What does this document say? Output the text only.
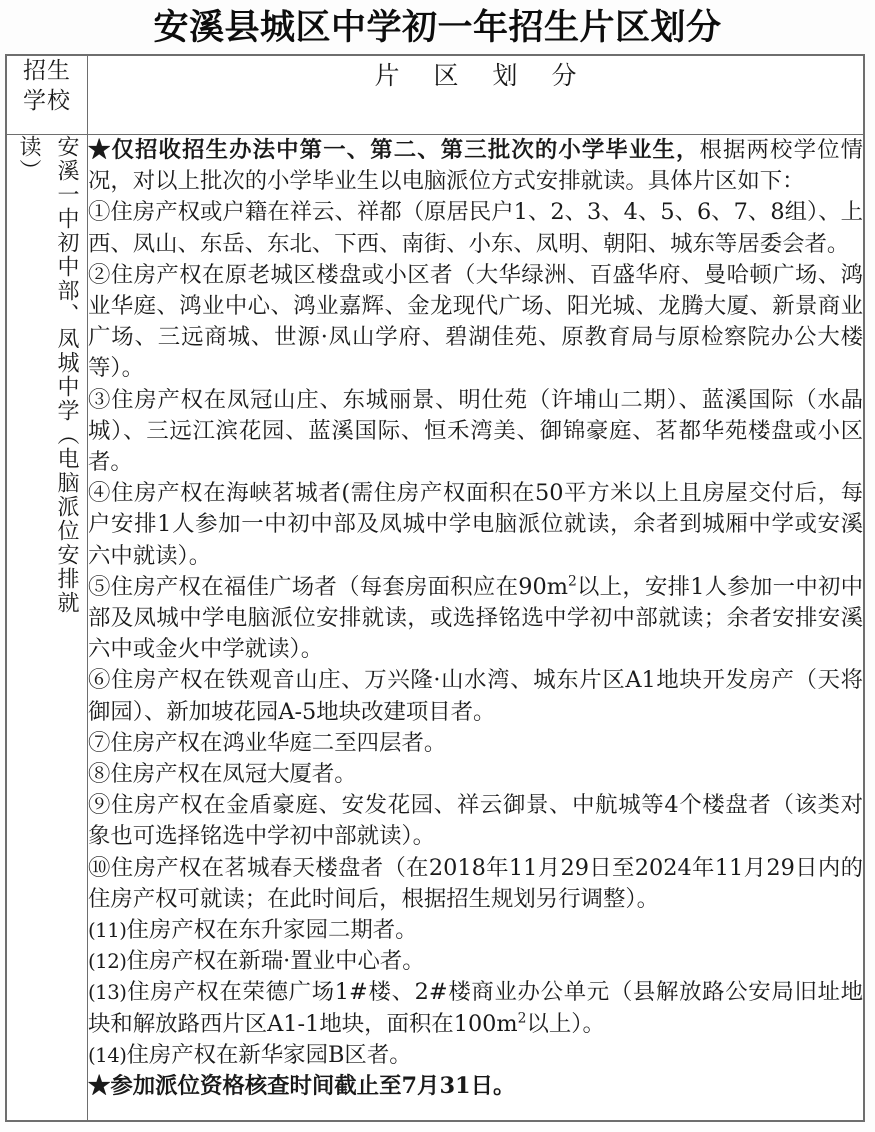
安溪县城区中学初一年招生片区划分
招生
学校	片区划分
安溪一中初中部、凤城中学（电脑派位安排就读）	★仅招收招生办法中第一、第二、第三批次的小学毕业生，根据两校学位情况，对以上批次的小学毕业生以电脑派位方式安排就读。具体片区如下：

①住房产权或户籍在祥云、祥都（原居民户1、2、3、4、5、6、7、8组）、上西、凤山、东岳、东北、下西、南街、小东、凤明、朝阳、城东等居委会者。

②住房产权在原老城区楼盘或小区者（大华绿洲、百盛华府、曼哈顿广场、鸿业华庭、鸿业中心、鸿业嘉辉、金龙现代广场、阳光城、龙腾大厦、新景商业广场、三远商城、世源·凤山学府、碧湖佳苑、原教育局与原检察院办公大楼等）。

③住房产权在凤冠山庄、东城丽景、明仕苑（许埔山二期）、蓝溪国际（水晶城）、三远江滨花园、蓝溪国际、恒禾湾美、御锦豪庭、茗都华苑楼盘或小区者。

④住房产权在海峡茗城者(需住房产权面积在50平方米以上且房屋交付后，每户安排1人参加一中初中部及凤城中学电脑派位就读，余者到城厢中学或安溪六中就读）。

⑤住房产权在福佳广场者（每套房面积应在$90m^2$以上，安排1人参加一中初中部及凤城中学电脑派位安排就读，或选择铭选中学初中部就读；余者安排安溪六中或金火中学就读）。

⑥住房产权在铁观音山庄、万兴隆·山水湾、城东片区A1地块开发房产（天将御园）、新加坡花园A-5地块改建项目者。

⑦住房产权在鸿业华庭二至四层者。

⑧住房产权在凤冠大厦者。

⑨住房产权在金盾豪庭、安发花园、祥云御景、中航城等4个楼盘者（该类对象也可选择铭选中学初中部就读）。

⑩住房产权在茗城春天楼盘者（在2018年11月29日至2024年11月29日内的住房产权可就读；在此时间后，根据招生规划另行调整）。

(11)住房产权在东升家园二期者。

(12)住房产权在新瑞·置业中心者。

(13)住房产权在荣德广场1#楼、2#楼商业办公单元（县解放路公安局旧址地块和解放路西片区A1-1地块，面积在$100m^2$以上）。

(14)住房产权在新华家园B区者。

★参加派位资格核查时间截止至7月31日。
